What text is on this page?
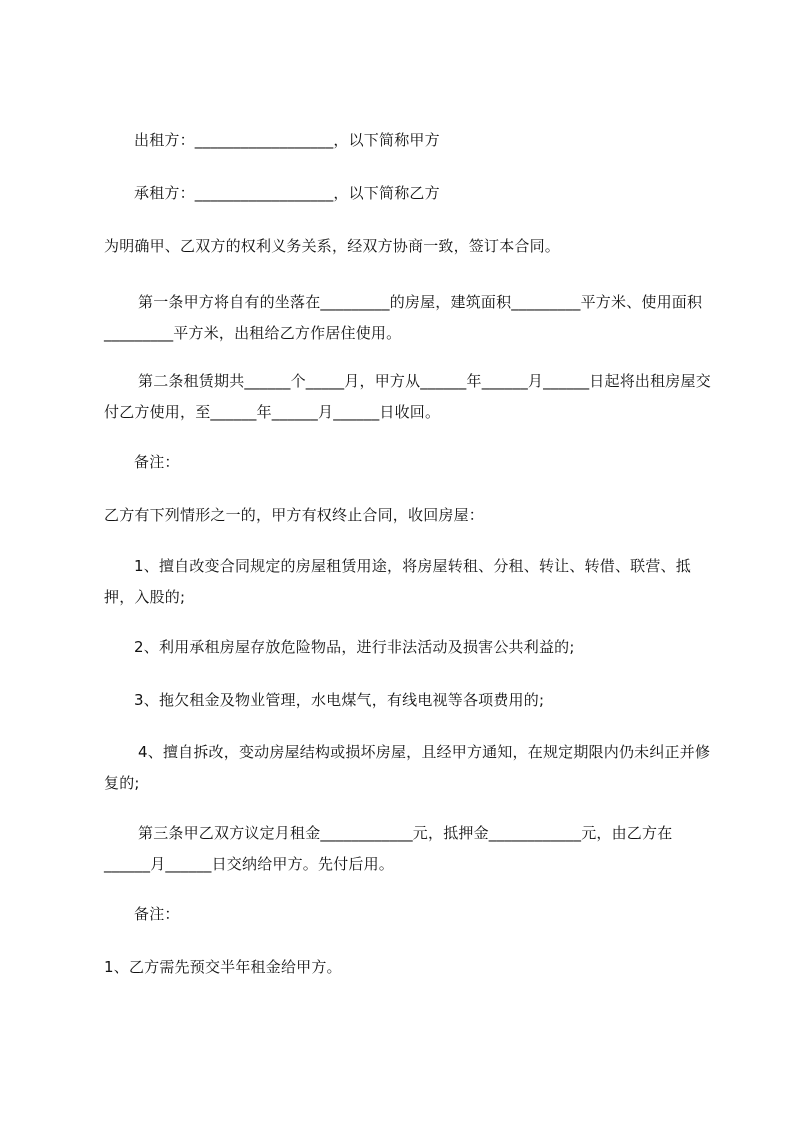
出租方：__________________，以下简称甲方

承租方：__________________，以下简称乙方

为明确甲、乙双方的权利义务关系，经双方协商一致，签订本合同。

第一条甲方将自有的坐落在_________的房屋，建筑面积_________平方米、使用面积_________平方米，出租给乙方作居住使用。

第二条租赁期共______个_____月，甲方从______年______月______日起将出租房屋交付乙方使用，至______年______月______日收回。

备注：

乙方有下列情形之一的，甲方有权终止合同，收回房屋：

1、擅自改变合同规定的房屋租赁用途，将房屋转租、分租、转让、转借、联营、抵押，入股的;

2、利用承租房屋存放危险物品，进行非法活动及损害公共利益的;

3、拖欠租金及物业管理，水电煤气，有线电视等各项费用的;

4、擅自拆改，变动房屋结构或损坏房屋，且经甲方通知，在规定期限内仍未纠正并修复的;

第三条甲乙双方议定月租金____________元，抵押金____________元，由乙方在______月______日交纳给甲方。先付后用。

备注：

1、乙方需先预交半年租金给甲方。
